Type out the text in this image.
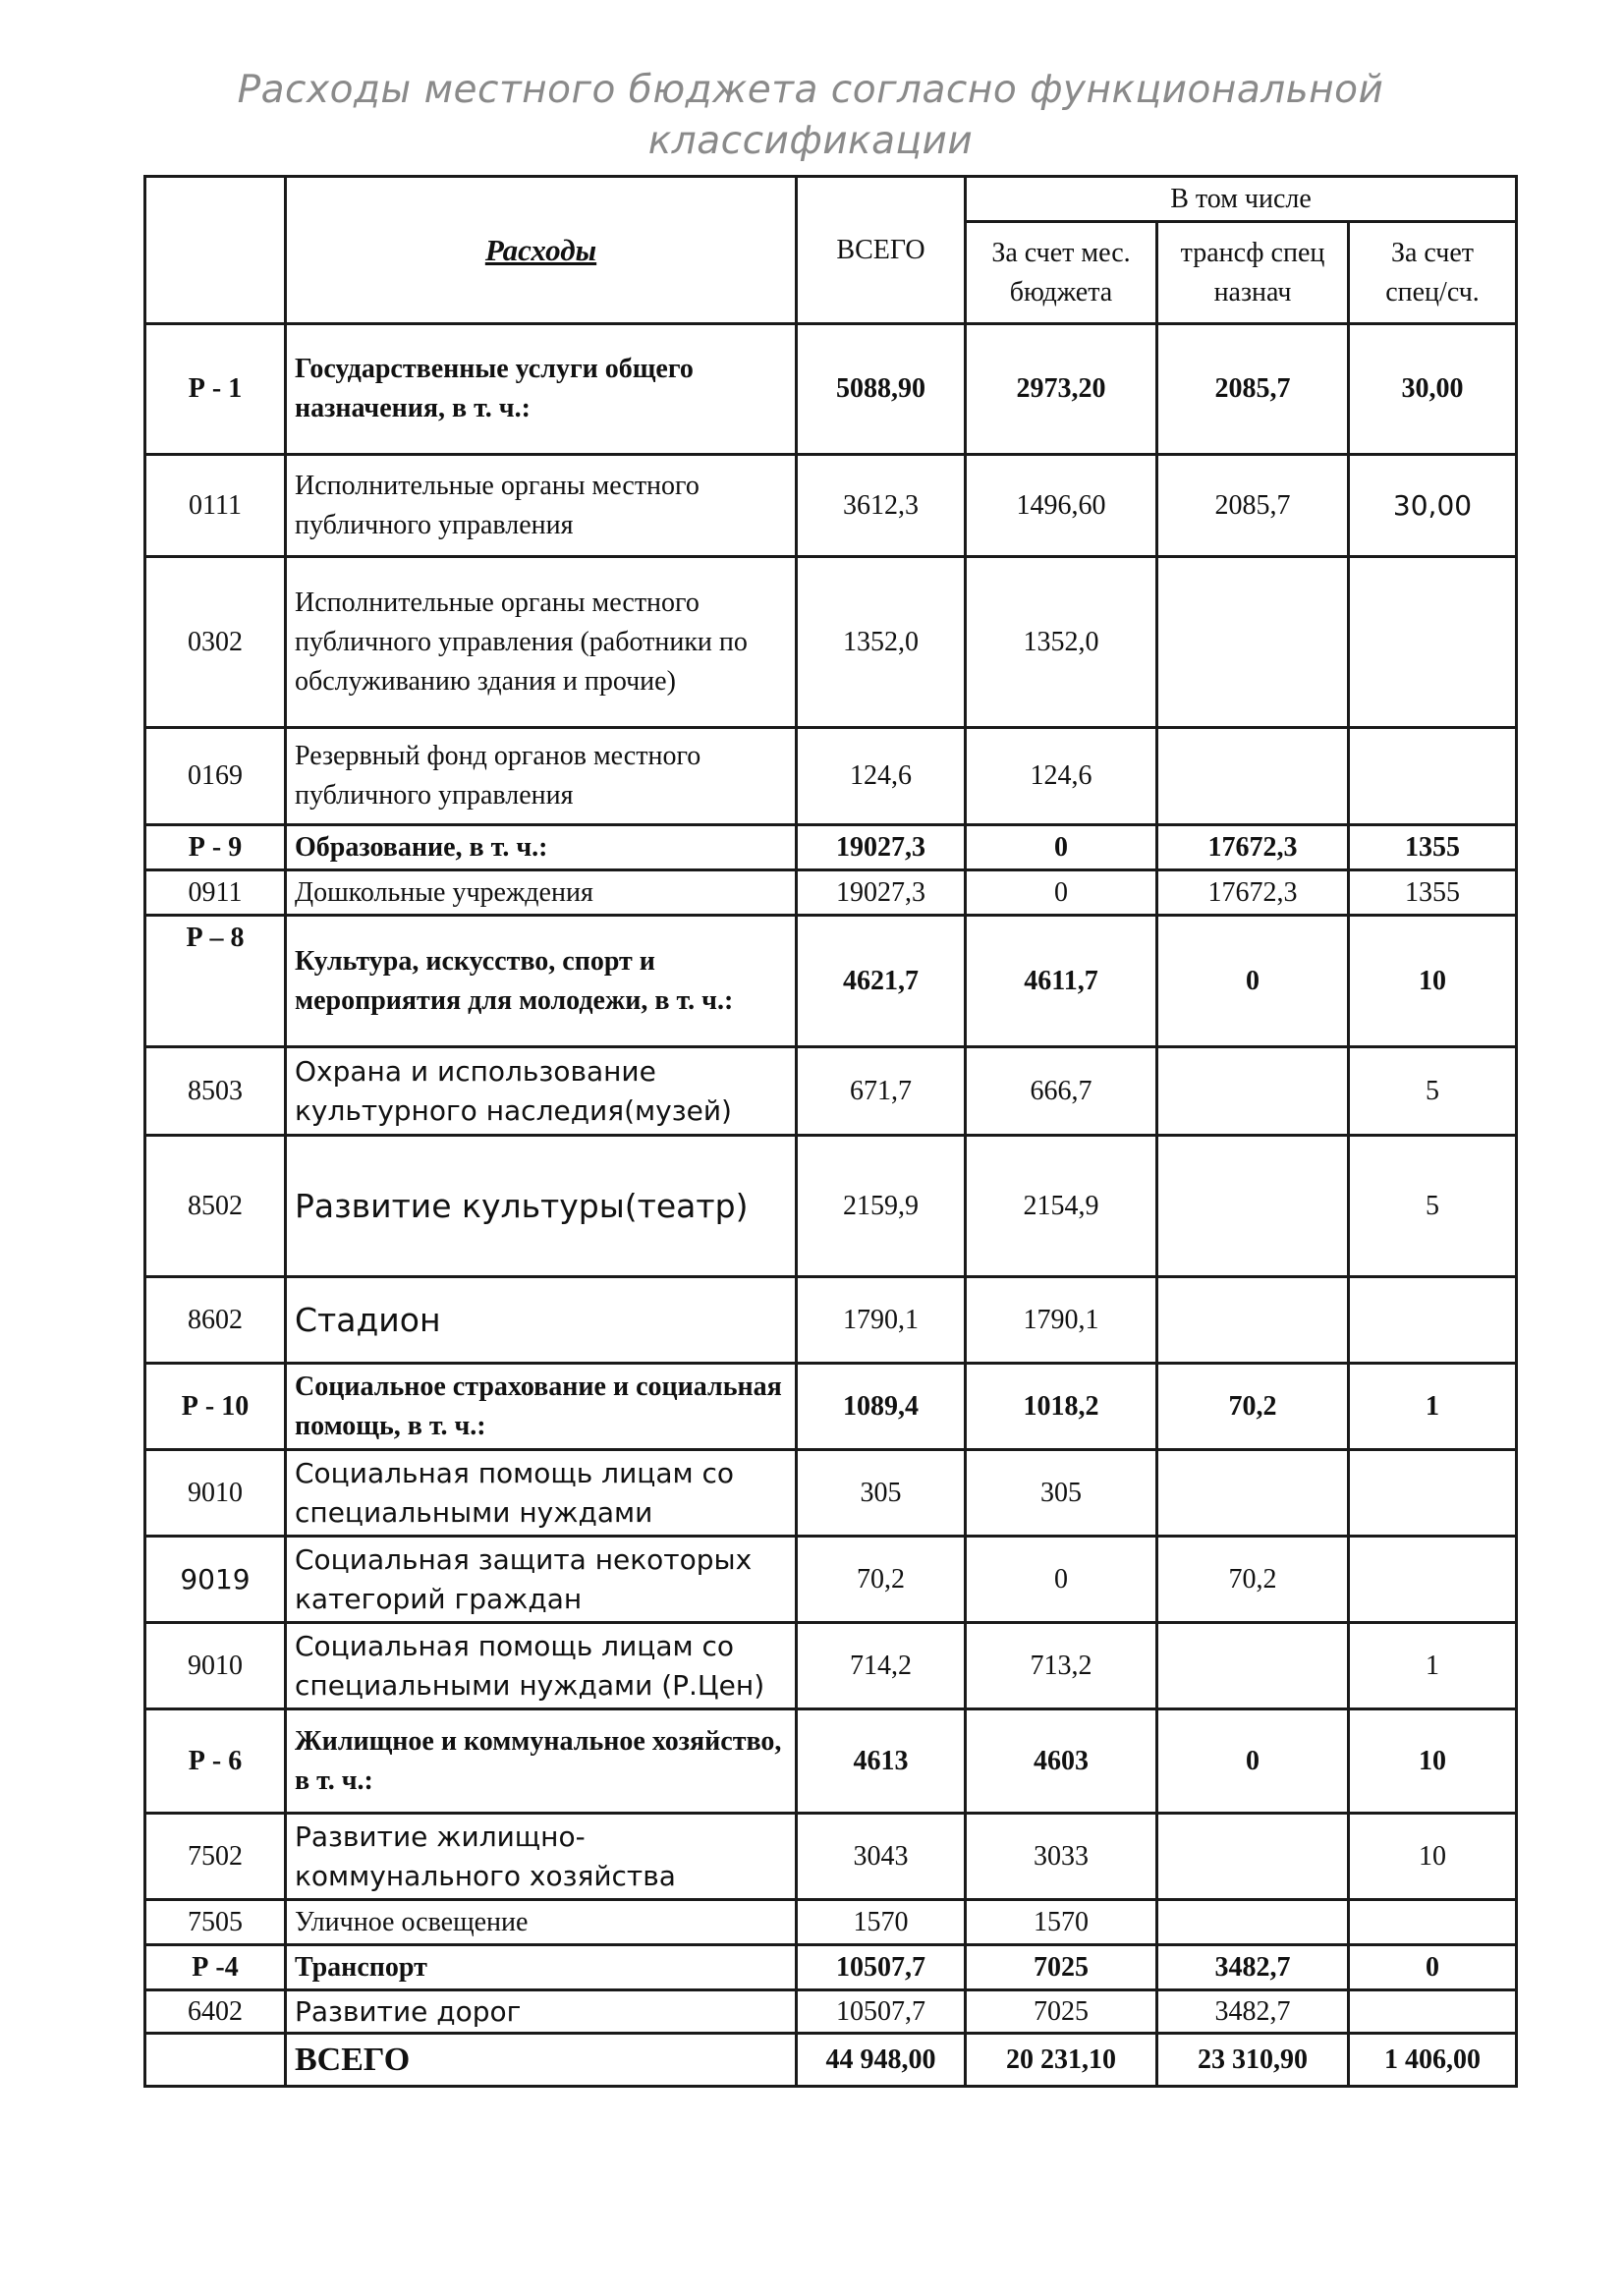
Расходы местного бюджета согласно функциональной
классификации
	Расходы	ВСЕГО	В том числе		
			За счет мес. бюджета	трансф спец назнач	За счет спец/сч.
Р - 1	Государственные услуги общего назначения, в т. ч.:	5088,90	2973,20	2085,7	30,00
0111	Исполнительные органы местного публичного управления	3612,3	1496,60	2085,7	30,00
0302	Исполнительные органы местного публичного управления (работники по обслуживанию здания и прочие)	1352,0	1352,0		
0169	Резервный фонд органов местного публичного управления	124,6	124,6		
Р - 9	Образование, в т. ч.:	19027,3	0	17672,3	1355
0911	Дошкольные учреждения	19027,3	0	17672,3	1355
Р – 8	Культура, искусство, спорт и мероприятия для молодежи, в т. ч.:	4621,7	4611,7	0	10
8503	Охрана и использование культурного наследия(музей)	671,7	666,7		5
8502	Развитие культуры(театр)	2159,9	2154,9		5
8602	Стадион	1790,1	1790,1		
Р - 10	Социальное страхование и социальная помощь, в т. ч.:	1089,4	1018,2	70,2	1
9010	Социальная помощь лицам со специальными нуждами	305	305		
9019	Социальная защита некоторых категорий граждан	70,2	0	70,2	
9010	Социальная помощь лицам со специальными нуждами (Р.Цен)	714,2	713,2		1
Р - 6	Жилищное и коммунальное хозяйство, в т. ч.:	4613	4603	0	10
7502	Развитие жилищно-коммунального хозяйства	3043	3033		10
7505	Уличное освещение	1570	1570		
Р -4	Транспорт	10507,7	7025	3482,7	0
6402	Развитие дорог	10507,7	7025	3482,7	
	ВСЕГО	44 948,00	20 231,10	23 310,90	1 406,00
